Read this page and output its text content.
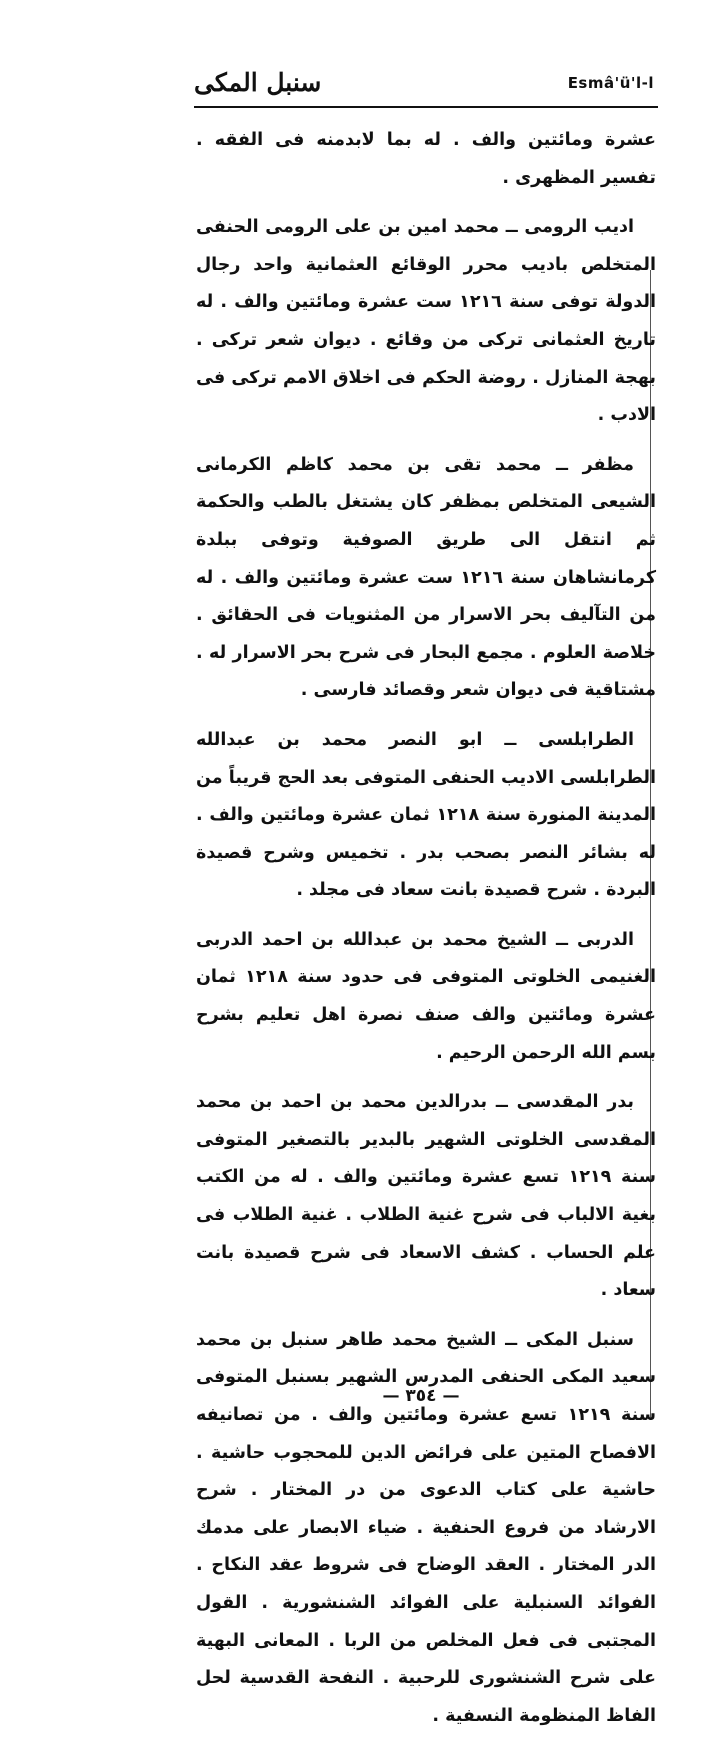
سنبل المكى	Esmâ'ü'l-l

عشرة ومائتين والف . له بما لابدمنه فى الفقه . تفسير المظهرى .

اديب الرومى ــ محمد امين بن على الرومى الحنفى المتخلص باديب محرر الوقائع العثمانية واحد رجال الدولة توفى سنة ١٢١٦ ست عشرة ومائتين والف . له تاريخ العثمانى تركى من وقائع . ديوان شعر تركى . بهجة المنازل . روضة الحكم فى اخلاق الامم تركى فى الادب .

مظفر ــ محمد تقى بن محمد كاظم الكرمانى الشيعى المتخلص بمظفر كان يشتغل بالطب والحكمة ثم انتقل الى طريق الصوفية وتوفى ببلدة كرمانشاهان سنة ١٢١٦ ست عشرة ومائتين والف . له من التآليف بحر الاسرار من المثنويات فى الحقائق . خلاصة العلوم . مجمع البحار فى شرح بحر الاسرار له . مشتاقية فى ديوان شعر وقصائد فارسى .

الطرابلسى ــ ابو النصر محمد بن عبدالله الطرابلسى الاديب الحنفى المتوفى بعد الحج قريباً من المدينة المنورة سنة ١٢١٨ ثمان عشرة ومائتين والف . له بشائر النصر بصحب بدر . تخميس وشرح قصيدة البردة . شرح قصيدة بانت سعاد فى مجلد .

الدربى ــ الشيخ محمد بن عبدالله بن احمد الدربى الغنيمى الخلوتى المتوفى فى حدود سنة ١٢١٨ ثمان عشرة ومائتين والف صنف نصرة اهل تعليم بشرح بسم الله الرحمن الرحيم .

بدر المقدسى ــ بدرالدين محمد بن احمد بن محمد المقدسى الخلوتى الشهير بالبدير بالتصغير المتوفى سنة ١٢١٩ تسع عشرة ومائتين والف . له من الكتب بغية الالباب فى شرح غنية الطلاب . غنية الطلاب فى علم الحساب . كشف الاسعاد فى شرح قصيدة بانت سعاد .

سنبل المكى ــ الشيخ محمد طاهر سنبل بن محمد سعيد المكى الحنفى المدرس الشهير بسنبل المتوفى سنة ١٢١٩ تسع عشرة ومائتين والف . من تصانيفه الافصاح المتين على فرائض الدين للمحجوب حاشية . حاشية على كتاب الدعوى من در المختار . شرح الارشاد من فروع الحنفية . ضياء الابصار على مدمك الدر المختار . العقد الوضاح فى شروط عقد النكاح . الفوائد السنبلية على الفوائد الشنشورية . القول المجتبى فى فعل المخلص من الربا . المعانى البهية على شرح الشنشورى للرحبية . النفحة القدسية لحل الفاظ المنظومة النسفية .

— ٣٥٤ —
